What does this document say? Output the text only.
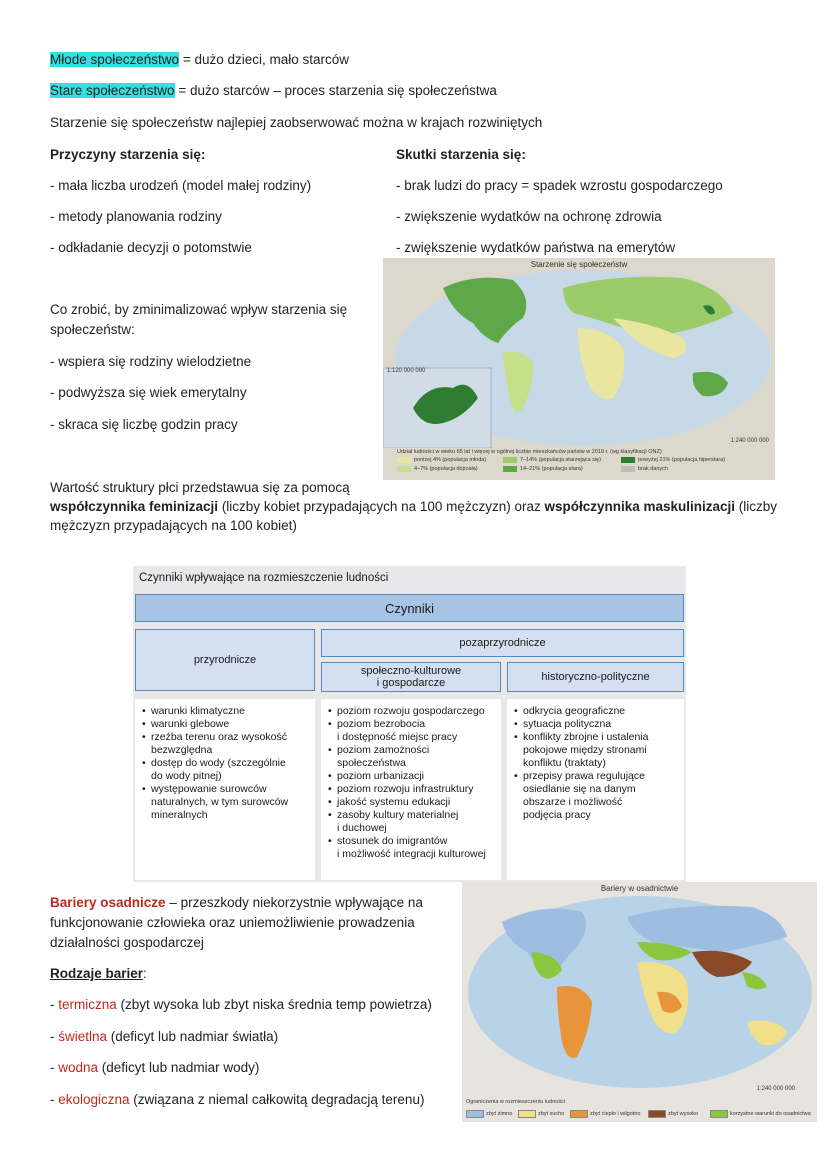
Młode społeczeństwo = dużo dzieci, mało starców
Stare społeczeństwo = dużo starców – proces starzenia się społeczeństwa
Starzenie się społeczeństw najlepiej zaobserwować można w krajach rozwiniętych
Przyczyny starzenia się:
- mała liczba urodzeń (model małej rodziny)
- metody planowania rodziny
- odkładanie decyzji o potomstwie
Skutki starzenia się:
- brak ludzi do pracy = spadek wzrostu gospodarczego
- zwiększenie wydatków na ochronę zdrowia
- zwiększenie wydatków państwa na emerytów
Co zrobić, by zminimalizować wpływ starzenia się
społeczeństw:
- wspiera się rodziny wielodzietne
- podwyższa się wiek emerytalny
- skraca się liczbę godzin pracy
Starzenie się społeczeństw
1:120 000 000
1:240 000 000
Udział ludności w wieku 65 lat i więcej w ogólnej liczbie mieszkańców państw w 2019 r. (wg klasyfikacji ONZ)
poniżej 4% (populacja młoda)	7–14% (populacja starzejąca się)	powyżej 21% (populacja hiperstara)
4–7% (populacja dojrzała)	14–21% (populacja stara)	brak danych
Wartość struktury płci przedstawua się za pomocą
współczynnika feminizacji (liczby kobiet przypadających na 100 mężczyzn) oraz współczynnika maskulinizacji (liczby
mężczyzn przypadających na 100 kobiet)
Czynniki wpływające na rozmieszczenie ludności
Czynniki
przyrodnicze
pozaprzyrodnicze
społeczno-kulturowe
i gospodarcze	historyczno-polityczne
• warunki klimatyczne
• warunki glebowe
• rzeźba terenu oraz wysokość
bezwzględna
• dostęp do wody (szczególnie
do wody pitnej)
• występowanie surowców
naturalnych, w tym surowców
mineralnych
• poziom rozwoju gospodarczego
• poziom bezrobocia
i dostępność miejsc pracy
• poziom zamożności
społeczeństwa
• poziom urbanizacji
• poziom rozwoju infrastruktury
• jakość systemu edukacji
• zasoby kultury materialnej
i duchowej
• stosunek do imigrantów
i możliwość integracji kulturowej
• odkrycia geograficzne
• sytuacja polityczna
• konflikty zbrojne i ustalenia
pokojowe między stronami
konfliktu (traktaty)
• przepisy prawa regulujące
osiedlanie się na danym
obszarze i możliwość
podjęcia pracy
Bariery osadnicze – przeszkody niekorzystnie wpływające na
funkcjonowanie człowieka oraz uniemożliwienie prowadzenia
działalności gospodarczej
Rodzaje barier:
- termiczna (zbyt wysoka lub zbyt niska średnia temp powietrza)
- świetlna (deficyt lub nadmiar światła)
- wodna (deficyt lub nadmiar wody)
- ekologiczna (związana z niemal całkowitą degradacją terenu)
Bariery w osadnictwie
1:240 000 000
Ograniczenia w rozmieszczeniu ludności
zbyt zimno	zbyt sucho	zbyt ciepło i wilgotno	zbyt wysoko	korzystne warunki do osadnictwa
